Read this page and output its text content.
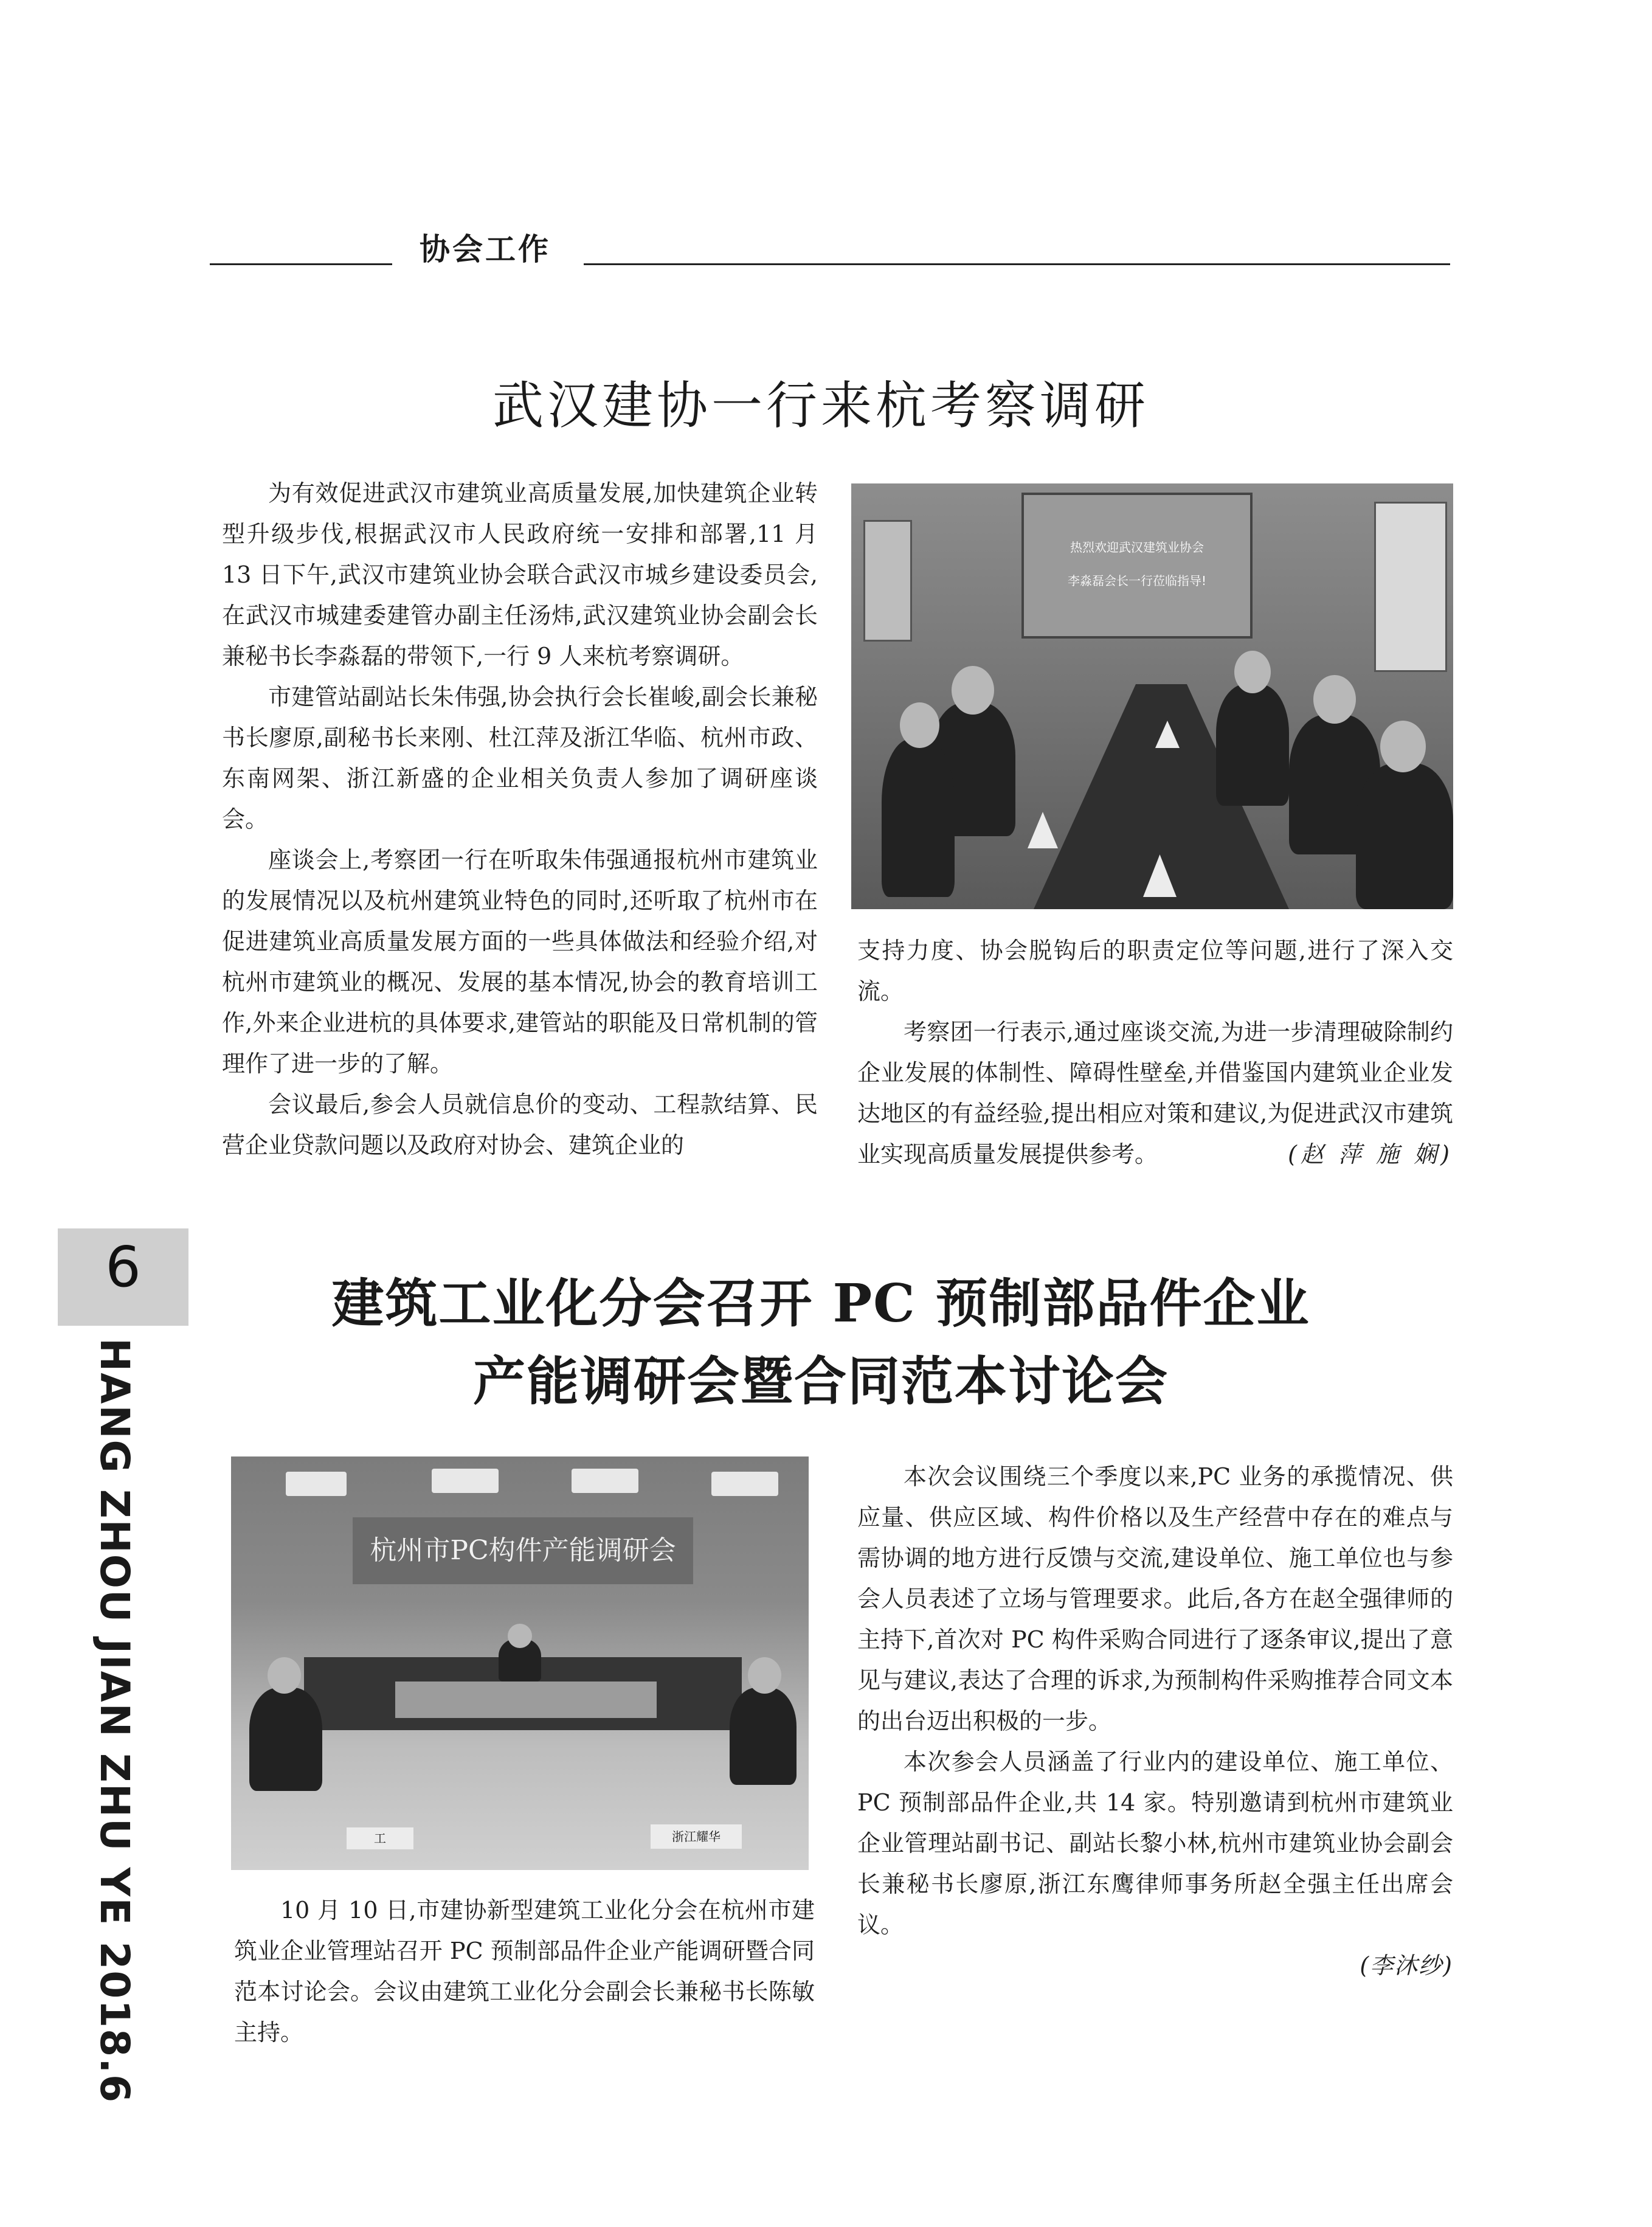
协会工作
武汉建协一行来杭考察调研

为有效促进武汉市建筑业高质量发展,加快建筑企业转型升级步伐,根据武汉市人民政府统一安排和部署,11 月 13 日下午,武汉市建筑业协会联合武汉市城乡建设委员会,在武汉市城建委建管办副主任汤炜,武汉建筑业协会副会长兼秘书长李淼磊的带领下,一行 9 人来杭考察调研。

市建管站副站长朱伟强,协会执行会长崔峻,副会长兼秘书长廖原,副秘书长来刚、杜江萍及浙江华临、杭州市政、东南网架、浙江新盛的企业相关负责人参加了调研座谈会。

座谈会上,考察团一行在听取朱伟强通报杭州市建筑业的发展情况以及杭州建筑业特色的同时,还听取了杭州市在促进建筑业高质量发展方面的一些具体做法和经验介绍,对杭州市建筑业的概况、发展的基本情况,协会的教育培训工作,外来企业进杭的具体要求,建管站的职能及日常机制的管理作了进一步的了解。

会议最后,参会人员就信息价的变动、工程款结算、民营企业贷款问题以及政府对协会、建筑企业的

热烈欢迎武汉建筑业协会
李淼磊会长一行莅临指导!

支持力度、协会脱钩后的职责定位等问题,进行了深入交流。

考察团一行表示,通过座谈交流,为进一步清理破除制约企业发展的体制性、障碍性壁垒,并借鉴国内建筑业企业发达地区的有益经验,提出相应对策和建议,为促进武汉市建筑业实现高质量发展提供参考。	(赵 萍 施 娴)
6
HANG ZHOU JIAN ZHU YE 2018.6
建筑工业化分会召开 PC 预制部品件企业
产能调研会暨合同范本讨论会
杭州市PC构件产能调研会
工	浙江耀华

10 月 10 日,市建协新型建筑工业化分会在杭州市建筑业企业管理站召开 PC 预制部品件企业产能调研暨合同范本讨论会。会议由建筑工业化分会副会长兼秘书长陈敏主持。

本次会议围绕三个季度以来,PC 业务的承揽情况、供应量、供应区域、构件价格以及生产经营中存在的难点与需协调的地方进行反馈与交流,建设单位、施工单位也与参会人员表述了立场与管理要求。此后,各方在赵全强律师的主持下,首次对 PC 构件采购合同进行了逐条审议,提出了意见与建议,表达了合理的诉求,为预制构件采购推荐合同文本的出台迈出积极的一步。

本次参会人员涵盖了行业内的建设单位、施工单位、PC 预制部品件企业,共 14 家。特别邀请到杭州市建筑业企业管理站副书记、副站长黎小林,杭州市建筑业协会副会长兼秘书长廖原,浙江东鹰律师事务所赵全强主任出席会议。

(李沐纱)
